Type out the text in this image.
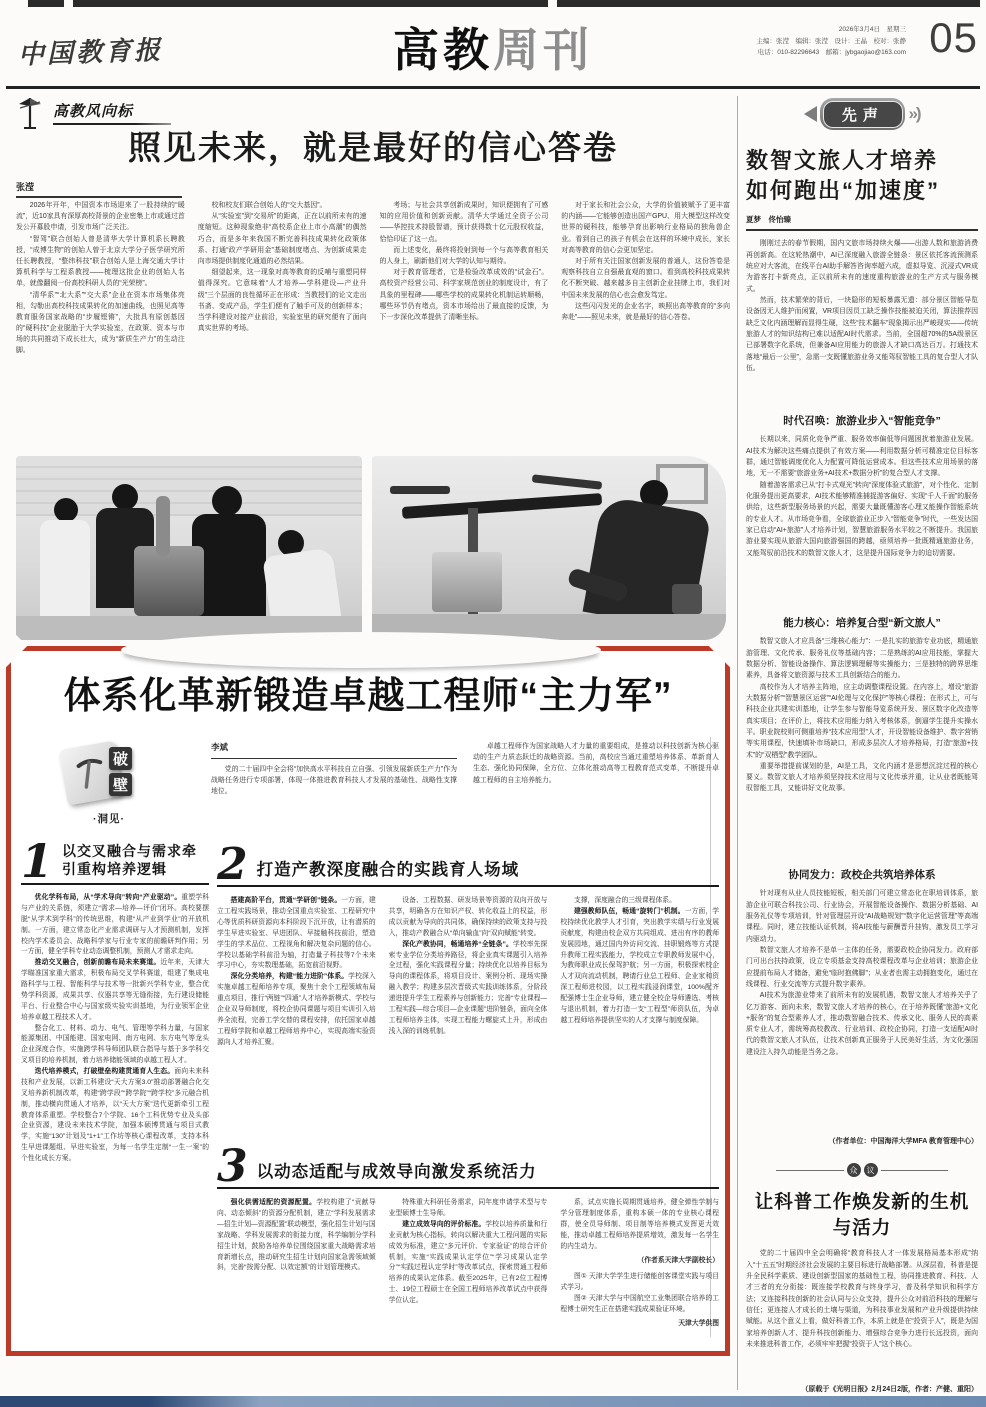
中国教育报	高教周刊	2026年3月4日　星期三
主编：张滢　编辑：张滢　设计：王晶　校对：张静
电话：010-82296643　邮箱：jybgaojiao@163.com 05
高教风向标
照见未来，就是最好的信心答卷
张滢

2026年开年，中国资本市场迎来了一股持续的“暖流”，近10家具有深厚高校背景的企业密集上市或通过首发公开募股申请，引发市场广泛关注。

“智驾”联合创始人曾是清华大学计算机系长聘教授，“成博生物”的创始人曾于北京大学分子医学研究所任长聘教授，“整纬科技”联合创始人是上海交通大学计算机科学与工程系教授——梳理这批企业的创始人名单，就像翻阅一份高校科研人员的“光荣榜”。

“清华系”“北大系”“交大系”企业在资本市场集体亮相，勾勒出高校科技成果转化的加速曲线，也照见高等教育服务国家战略的“步履铿锵”，大批具有原创基因的“硬科技”企业脱胎于大学实验室，在政策、资本与市场的共同推动下成长壮大，成为“新质生产力”的生动注脚。

校和校友们联合创始人的“交大基因”。

从“实验室”到“交易所”的距离，正在以前所未有的速度缩短。这种现象绝非“高校系企业上市小高潮”的偶然巧合，而是多年来我国不断完善科技成果转化政策体系、打通“政产学研用金”基础制度堵点、为创新成果走向市场提供制度化通道的必然结果。

细望起来，这一现象对高等教育的反哺与重塑同样值得深究。它意味着“人才培养—学科建设—产业升级”三个层面的良性循环正在形成：当教授们的论文走出书斋、变成产品，学生们便有了触手可及的创新样本；当学科建设对接产业前沿，实验室里的研究便有了面向真实世界的考场。

考场；与社会共享创新成果时，知识便拥有了可感知的应用价值和创新贡献。清华大学通过全资子公司——华控技术持股智谱，预计获得数十亿元股权收益，恰恰印证了这一点。

而上述变化，最终将投射到每一个与高等教育相关的人身上，刷新他们对大学的认知与期待。

对于教育管理者，它是检验改革成效的“试金石”。高校资产经营公司、科学家规范创业的制度设计，有了具象的里程碑——哪些学校的成果转化机制运转顺畅，哪些环节仍有堵点，资本市场给出了最直接的反馈，为下一步深化改革提供了清晰坐标。

对于家长和社会公众，大学的价值被赋予了更丰富的内涵——它能够创造出国产GPU、用大模型这样改变世界的硬科技，能够孕育出影响行业格局的独角兽企业。看到自己的孩子有机会在这样的环境中成长，家长对高等教育的信心会更加坚定。

对于所有关注国家创新发展的普通人，这份答卷是观察科技自立自强最直观的窗口。看到高校科技成果转化不断突破、越来越多自主创新企业挂牌上市，我们对中国未来发展的信心也会愈发笃定。

这些闪闪发光的企业名字，映照出高等教育的“多向奔赴”——照见未来，就是最好的信心答卷。

体系化革新锻造卓越工程师“主力军”
破
壁
·洞见·
李斌

党的二十届四中全会将“加快高水平科技自立自强、引领发展新质生产力”作为战略任务进行专项部署，体现一体推进教育科技人才发展的基础性、战略性支撑地位。

卓越工程师作为国家战略人才力量的重要组成，是推动以科技创新为核心驱动的生产力质态跃迁的战略资源。当前，高校应当通过重塑培养体系、革新育人生态、强化协同保障，全方位、立体化推动高等工程教育范式变革，不断提升卓越工程师的自主培养能力。

1 以交叉融合与需求牵引重构培养逻辑

优化学科布局，从“学术导向”转向“产业驱动”。重塑学科与产业的关系链，须建立“需求—培养—评价”闭环。高校要摆脱“从学术到学科”的传统思维，构建“从产业到学业”的开放机制。一方面，建立常态化产业需求调研与人才预测机制，发挥校内学术委员会、战略科学家与行业专家的前瞻研判作用；另一方面，健全学科专业动态调整机制，预测人才需求走向。

推动交叉融合，创新前瞻布局未来赛道。近年来，天津大学瞄准国家重大需求，积极布局交叉学科赛道，组建了集成电路科学与工程、智能科学与技术等一批新兴学科专业，整合优势学科资源，成果共享、仪器共享等无缝衔接，先行建设储能平台、行业整合中心与国家级实验实训基地，为行业领军企业培养卓越工程技术人才。

整合化工、材料、动力、电气、管理等学科力量，与国家能源集团、中国能建、国家电网、南方电网、东方电气等龙头企业深度合作，实施跨学科导师团队联合指导与基于多学科交叉项目的培养机制，着力培养储能领域的卓越工程人才。

迭代培养模式，打破壁垒构建贯通育人生态。面向未来科技和产业发展，以新工科建设“天大方案3.0”推动部署融合化交叉培养新机制改革，构建“跨学段”“跨学院”“跨学校”多元融合机制，推动横向贯通人才培养，以“天大方案”迭代更新牵引工程教育体系重塑。学校整合7个学院、16个工科优势专业及头部企业资源，建设未来技术学院，加强本硕博贯通与项目式教学，实施“130”计划及“1+1”工作坊等核心课程改革，支持本科生早进课题组、早进实验室，为每一名学生定制“一生一案”的个性化成长方案。

2 打造产教深度融合的实践育人场域

搭建高阶平台，贯通“学研创”链条。一方面，建立工程实践场景，推动全国重点实验室、工程研究中心等优质科研资源向本科阶段下沉开放，让有潜质的学生早进实验室、早进团队、早接触科技前沿，塑造学生的学术品位、工程视角和解决复杂问题的信心。学校以基础学科前沿为轴，打造量子科技等7个未来学习中心，夯实数理基础，拓宽前沿视野。

深化分类培养，构建“能力进阶”体系。学校深入实施卓越工程师培养专项，聚焦十余个工程领域布局重点项目，推行“两链”“四通”人才培养新模式、学校与企业双导师制度，将校企协同课题与项目实训引入培养全流程，完善工学交替的课程安排，依托国家卓越工程师学院和卓越工程师培养中心，实现高端实验资源向人才培养汇聚。

设备、工程数据、研发场景等资源的双向开放与共享，明确各方在知识产权、转化收益上的权益，形成以贡献为导向的共同体，确保持续的政策支持与投入，推动产教融合从“单向输血”向“双向赋能”转变。

深化产教协同，畅通培养“全链条”。学校率先探索专业学位分类培养路径，将企业真实课题引入培养全过程，强化实践课程分量；持续优化以培养目标为导向的课程体系，将项目设计、案例分析、现场实操融入教学；构建多层次晋级式实践训练体系，分阶段递进提升学生工程素养与创新能力；完善“专业课程—工程实践—综合项目—企业课题”进阶链条，面向全体工程师培养主体，实现工程能力螺旋式上升，形成由浅入深的训练机制。

支撑，深度融合的三级课程体系。

建强教师队伍，畅通“旋转门”机制。一方面，学校持续优化教学人才引育，突出教学实绩与行业发展贡献度，构建由校企双方共同组成、进出有序的教师发展园地，通过国内外访问交流、挂职锻炼等方式提升教师工程实践能力，学校成立专职教师发展中心，为教师职业成长保驾护航；另一方面，积极探索校企人才双向流动机制，聘请行业总工程师、企业家和资深工程师进校园，以工程实践浸润课堂，100%配齐配强博士生企业导师，建立健全校企导师遴选、考核与退出机制，着力打造一支“工程型”师资队伍，为卓越工程师培养提供坚实的人才支撑与制度保障。

3 以动态适配与成效导向激发系统活力

强化供需适配的资源配置。学校构建了“贡献导向、动态倾斜”的资源分配机制，建立“学科发展需求—招生计划—资源配置”联动模型，强化招生计划与国家战略、学科发展需求的衔接力度，科学编制分学科招生计划，鼓励各培养单位围绕国家重大战略需求培育新增长点，推动研究生招生计划向国家急需领域倾斜，完善“按需分配、以效定额”的计划管理模式。

特殊重大科研任务需求，同年度申请学术型与专业型硕博士生导师。

建立成效导向的评价标准。学校以培养质量和行业贡献为核心指标，转向以解决重大工程问题的实际成效为标准，建立“多元评价、专家验证”的综合评价机制，实施“实践成果认定学位”“学习成果认定学分”“实践过程认定学时”等改革试点，探索贯通工程师培养的成果认定体系。截至2025年，已有2位工程博士、19位工程硕士在全国工程师培养改革试点中获得学位认定。

系，试点实施长周期贯通培养，健全弹性学制与学分管理制度体系，重构本硕一体的专业核心课程群，使全员导师制、项目制等培养模式发挥更大效能，推动卓越工程师培养提质增效，激发每一名学生的内生动力。

（作者系天津大学副校长）

图① 天津大学学生进行储能创客课堂实践与项目式学习。

图② 天津大学与中国航空工业集团联合培养的工程博士研究生正在搭建实践成果验证环境。

天津大学供图
先声	»)
数智文旅人才培养
如何跑出“加速度”
夏梦　佟怡臻

刚刚过去的春节假期，国内文旅市场持续火爆——出游人数和旅游消费再创新高。在这轮热潮中，AI已深度融入旅游全链条：景区依托客流预测系统应对大客流，在线平台AI助手解答咨询率超六成，虚拟导览、沉浸式VR成为游客打卡新亮点，正以前所未有的速度重构旅游业的生产方式与服务模式。

然而，技术繁荣的背后，一块隐形的短板暴露无遗：部分景区智能导览设备因无人维护而闲置，VR项目因员工缺乏操作技能被迫关闭，算法推荐因缺乏文化内涵理解而显得生硬，这些“技术翻车”现象揭示出严峻现实——传统旅游人才的知识结构已难以适配AI时代需求。当前，全国超70%的5A级景区已部署数字化系统，但兼备AI应用能力的旅游人才缺口高达百万。打通技术落地“最后一公里”，急需一支既懂旅游业务又能驾驭智能工具的复合型人才队伍。

时代召唤：旅游业步入“智能竞争”

长期以来，同质化竞争严重、服务效率偏低等问题困扰着旅游业发展。AI技术为解决这些痛点提供了有效方案——利用数据分析可精准定位目标客群，通过智能调度优化人力配置可降低运营成本。但这些技术应用场景的落地，无一不需要“旅游业务+AI技术+数据分析”的复合型人才支撑。

随着游客需求已从“打卡式观光”转向“深度体验式旅游”，对个性化、定制化服务提出更高要求，AI技术能够精准捕捉游客偏好、实现“千人千面”的服务供给，这些新型服务场景的兴起，需要大量既懂游客心理又能操作智能系统的专业人才。从市场竞争看，全球旅游业正步入“智能竞争”时代，一些发达国家已启动“AI+旅游”人才培养计划，智慧旅游服务水平较之不断提升。我国旅游业要实现从旅游大国向旅游强国的跨越，亟须培养一批既精通旅游业务，又能驾驭前沿技术的数智文旅人才，这是提升国际竞争力的迫切需要。

能力核心：培养复合型“新文旅人”

数智文旅人才应具备“三维核心能力”：一是扎实的旅游专业功底，精通旅游管理、文化传承、服务礼仪等基础内容；二是熟练的AI应用技能，掌握大数据分析、智能设备操作、算法逻辑理解等实操能力；三是独特的跨界思维素养，具备将文旅资源与技术工具创新结合的能力。

高校作为人才培养主阵地，应主动调整课程设置。在内容上，增设“旅游大数据分析”“智慧景区运营”“AI伦理与文化保护”等核心课程；在形式上，可与科技企业共建实训基地，让学生参与智能导览系统开发、景区数字化改造等真实项目；在评价上，将技术应用能力纳入考核体系，倒逼学生提升实操水平。职业院校则可侧重培养“技术应用型”人才，开设智能设备维护、数字营销等实用课程，快速填补市场缺口，形成多层次人才培养格局，打造“旅游+技术”的“双栖型”教学团队。

重要举措提前谋划的是，AI是工具，文化内涵才是思想沉淀过程的核心要义。数智文旅人才培养须坚持技术应用与文化传承并重，让从业者既能驾驭智能工具，又能讲好文化故事。

协同发力：政校企共筑培养体系

针对现有从业人员技能短板，相关部门可建立常态化在职培训体系，旅游企业可联合科技公司、行业协会，开展智能设备操作、数据分析基础、AI服务礼仪等专项培训，针对管理层开设“AI战略规划”“数字化运营管理”等高端课程。同时，建立技能认证机制，将AI技能与薪酬晋升挂钩，激发员工学习内驱动力。

数智文旅人才培养不是单一主体的任务，需要政校企协同发力。政府部门可出台扶持政策，设立专项基金支持高校课程改革与企业培训；旅游企业应提前布局人才储备，避免“临时抱佛脚”；从业者也需主动拥抱变化，通过在线课程、行业交流等方式提升数字素养。

AI技术为旅游业带来了前所未有的发展机遇，数智文旅人才培养关乎了亿万游客、面向未来，数智文旅人才培养的核心，在于培养既懂“旅游+文化+服务”的复合型素养人才，推动数智融合技术、传承文化、服务人民的高素质专业人才，需统筹高校教改、行业培训、政校企协同，打造一支适配AI时代的数智文旅人才队伍，让技术创新真正服务于人民美好生活，为文化强国建设注入持久动能是当务之急。

（作者单位：中国海洋大学MFA 教育管理中心）
众	议
让科普工作焕发新的生机与活力

党的二十届四中全会明确将“教育科技人才一体发展格局基本形成”纳入“十五五”时期经济社会发展的主要目标进行战略部署。从深层看，科普是提升全民科学素质、建设创新型国家的基础性工程，协同推进教育、科技、人才三者的充分衔接：既连接学校教育与终身学习，普及科学知识和科学方法；又连接科技创新的社会认同与公众支持，提升公众对前沿科技的理解与信任；更连接人才成长的土壤与渠道，为科技事业发展和产业升级提供持续赋能。从这个意义上看，做好科普工作，本质上就是在“投资于人”，既是为国家培养创新人才、提升科技创新能力、增强综合竞争力进行长远投资，面向未来推进科普工作，必须牢牢把握“投资于人”这个核心。

（原载于《光明日报》2月24日2版，作者：产健、重阳）
